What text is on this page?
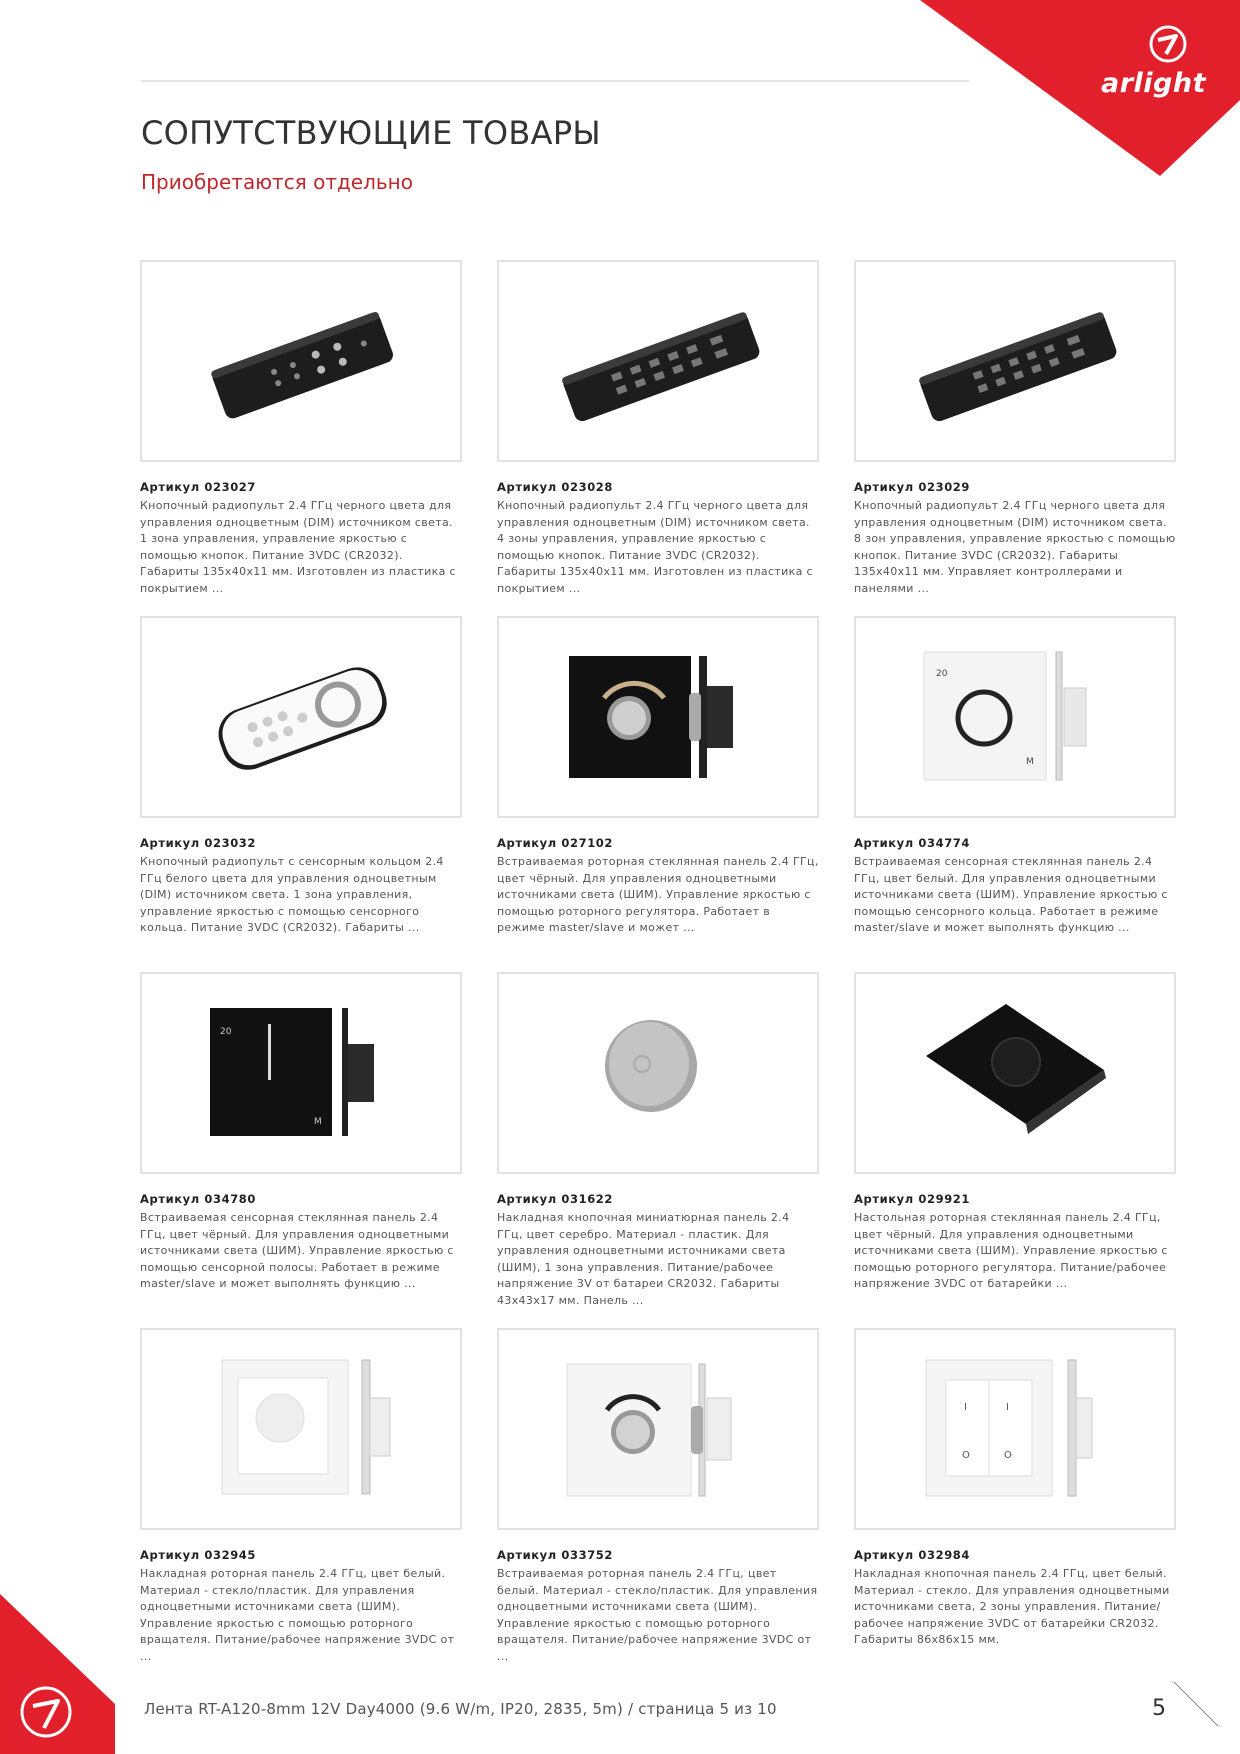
arlight
СОПУТСТВУЮЩИЕ ТОВАРЫ

Приобретаются отдельно

Артикул 023027

Кнопочный радиопульт 2.4 ГГц черного цвета для управления одноцветным (DIM) источником света. 1 зона управления, управление яркостью с помощью кнопок. Питание 3VDC (CR2032). Габариты 135x40x11 мм. Изготовлен из пластика с покрытием ...

Артикул 023028

Кнопочный радиопульт 2.4 ГГц черного цвета для управления одноцветным (DIM) источником света. 4 зоны управления, управление яркостью с помощью кнопок. Питание 3VDC (CR2032). Габариты 135x40x11 мм. Изготовлен из пластика с покрытием ...

Артикул 023029

Кнопочный радиопульт 2.4 ГГц черного цвета для управления одноцветным (DIM) источником света. 8 зон управления, управление яркостью с помощью кнопок. Питание 3VDC (CR2032). Габариты 135x40x11 мм. Управляет контроллерами и панелями ...

Артикул 023032

Кнопочный радиопульт с сенсорным кольцом 2.4 ГГц белого цвета для управления одноцветным (DIM) источником света. 1 зона управления, управление яркостью с помощью сенсорного кольца. Питание 3VDC (CR2032). Габариты ...

Артикул 027102

Встраиваемая роторная стеклянная панель 2.4 ГГц, цвет чёрный. Для управления одноцветными источниками света (ШИМ). Управление яркостью с помощью роторного регулятора. Работает в режиме master/slave и может ...

20
M

Артикул 034774

Встраиваемая сенсорная стеклянная панель 2.4 ГГц, цвет белый. Для управления одноцветными источниками света (ШИМ). Управление яркостью с помощью сенсорного кольца. Работает в режиме master/slave и может выполнять функцию ...

20
M

Артикул 034780

Встраиваемая сенсорная стеклянная панель 2.4 ГГц, цвет чёрный. Для управления одноцветными источниками света (ШИМ). Управление яркостью с помощью сенсорной полосы. Работает в режиме master/slave и может выполнять функцию ...

Артикул 031622

Накладная кнопочная миниатюрная панель 2.4 ГГц, цвет серебро. Материал - пластик. Для управления одноцветными источниками света (ШИМ), 1 зона управления. Питание/рабочее напряжение 3V от батареи CR2032. Габариты 43x43x17 мм. Панель ...

Артикул 029921

Настольная роторная стеклянная панель 2.4 ГГц, цвет чёрный. Для управления одноцветными источниками света (ШИМ). Управление яркостью с помощью роторного регулятора. Питание/рабочее напряжение 3VDC от батарейки ...

Артикул 032945

Накладная роторная панель 2.4 ГГц, цвет белый. Материал - стекло/пластик. Для управления одноцветными источниками света (ШИМ). Управление яркостью с помощью роторного вращателя. Питание/рабочее напряжение 3VDC от ...

Артикул 033752

Встраиваемая роторная панель 2.4 ГГц, цвет белый. Материал - стекло/пластик. Для управления одноцветными источниками света (ШИМ). Управление яркостью с помощью роторного вращателя. Питание/рабочее напряжение 3VDC от ...

I	I
O	O

Артикул 032984

Накладная кнопочная панель 2.4 ГГц, цвет белый. Материал - стекло. Для управления одноцветными источниками света, 2 зоны управления. Питание/рабочее напряжение 3VDC от батарейки CR2032. Габариты 86x86x15 мм.

Лента RT-A120-8mm 12V Day4000 (9.6 W/m, IP20, 2835, 5m) / страница 5 из 10	5
